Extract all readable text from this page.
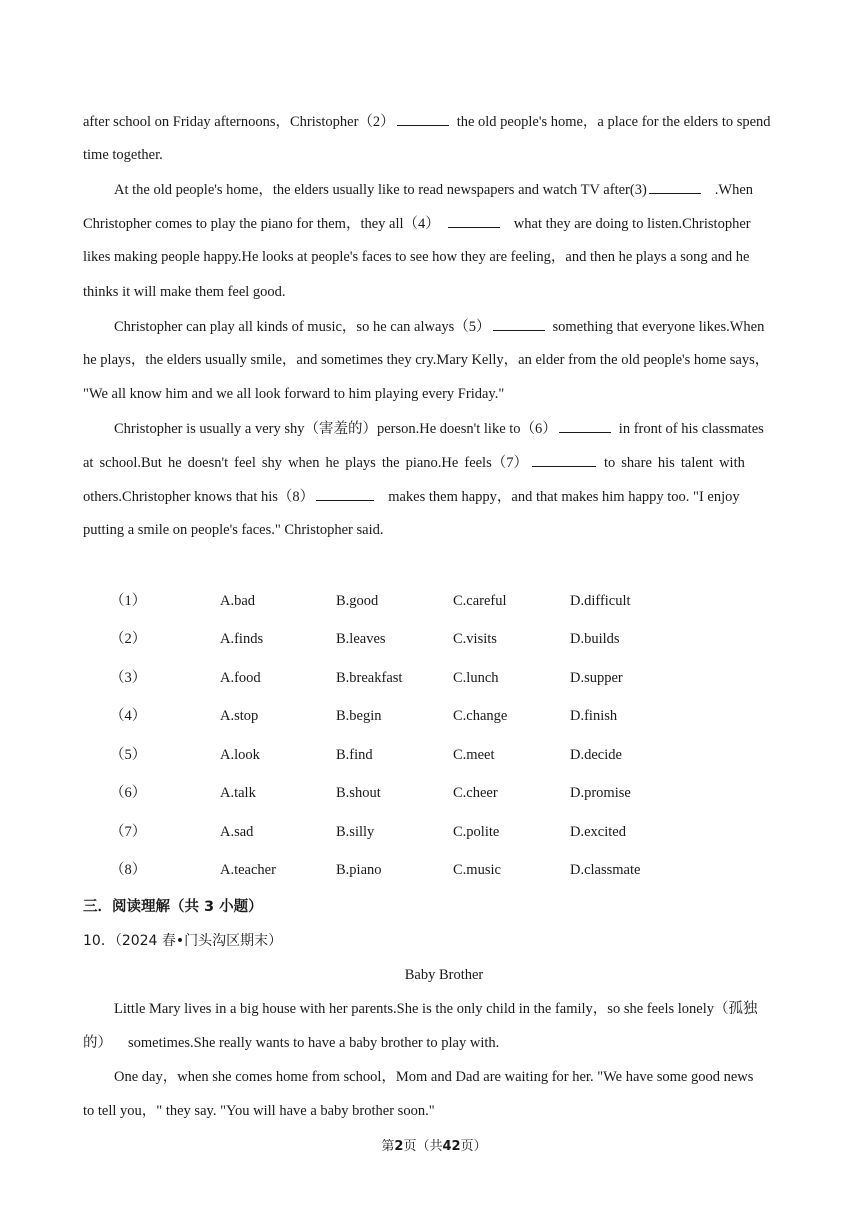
after school on Friday afternoons，Christopher（2）	the old people's home，a place for the elders to spend
time together.
At the old people's home，the elders usually like to read newspapers and watch TV after(3)	.When
Christopher comes to play the piano for them，they all（4）	what they are doing to listen.Christopher
likes making people happy.He looks at people's faces to see how they are feeling，and then he plays a song and he
thinks it will make them feel good.
Christopher can play all kinds of music，so he can always（5）	something that everyone likes.When
he plays，the elders usually smile，and sometimes they cry.Mary Kelly，an elder from the old people's home says，
"We all know him and we all look forward to him playing every Friday."
Christopher is usually a very shy（害羞的）person.He doesn't like to（6）	in front of his classmates
at school.But he doesn't feel shy when he plays the piano.He feels（7）	to share his talent with
others.Christopher knows that his（8）	makes them happy，and that makes him happy too. "I enjoy
putting a smile on people's faces." Christopher said.
（1）	A.bad	B.good	C.careful	D.difficult
（2）	A.finds	B.leaves	C.visits	D.builds
（3）	A.food	B.breakfast	C.lunch	D.supper
（4）	A.stop	B.begin	C.change	D.finish
（5）	A.look	B.find	C.meet	D.decide
（6）	A.talk	B.shout	C.cheer	D.promise
（7）	A.sad	B.silly	C.polite	D.excited
（8）	A.teacher	B.piano	C.music	D.classmate
三．阅读理解（共 3 小题）
10．（2024 春•门头沟区期末）
Baby Brother
Little Mary lives in a big house with her parents.She is the only child in the family，so she feels lonely（孤独
的） sometimes.She really wants to have a baby brother to play with.
One day，when she comes home from school，Mom and Dad are waiting for her. "We have some good news
to tell you，" they say. "You will have a baby brother soon."
第2页（共42页）
